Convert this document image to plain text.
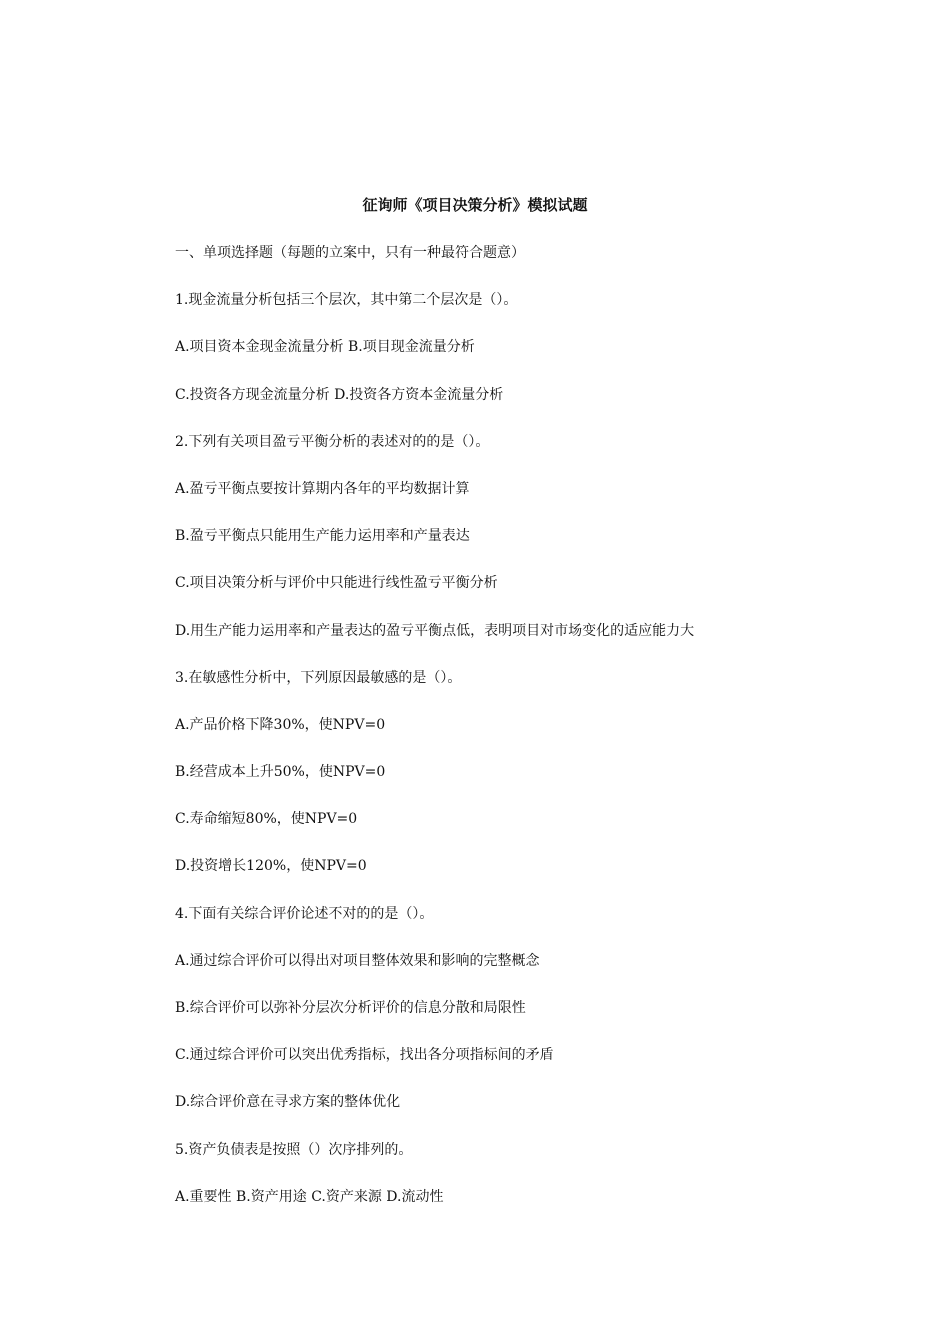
征询师《项目决策分析》模拟试题
一、单项选择题（每题的立案中，只有一种最符合题意）
1.现金流量分析包括三个层次，其中第二个层次是（）。
A.项目资本金现金流量分析 B.项目现金流量分析
C.投资各方现金流量分析 D.投资各方资本金流量分析
2.下列有关项目盈亏平衡分析的表述对的的是（）。
A.盈亏平衡点要按计算期内各年的平均数据计算
B.盈亏平衡点只能用生产能力运用率和产量表达
C.项目决策分析与评价中只能进行线性盈亏平衡分析
D.用生产能力运用率和产量表达的盈亏平衡点低，表明项目对市场变化的适应能力大
3.在敏感性分析中，下列原因最敏感的是（）。
A.产品价格下降30%，使NPV=0
B.经营成本上升50%，使NPV=0
C.寿命缩短80%，使NPV=0
D.投资增长120%，使NPV=0
4.下面有关综合评价论述不对的的是（）。
A.通过综合评价可以得出对项目整体效果和影响的完整概念
B.综合评价可以弥补分层次分析评价的信息分散和局限性
C.通过综合评价可以突出优秀指标，找出各分项指标间的矛盾
D.综合评价意在寻求方案的整体优化
5.资产负债表是按照（）次序排列的。
A.重要性 B.资产用途 C.资产来源 D.流动性
